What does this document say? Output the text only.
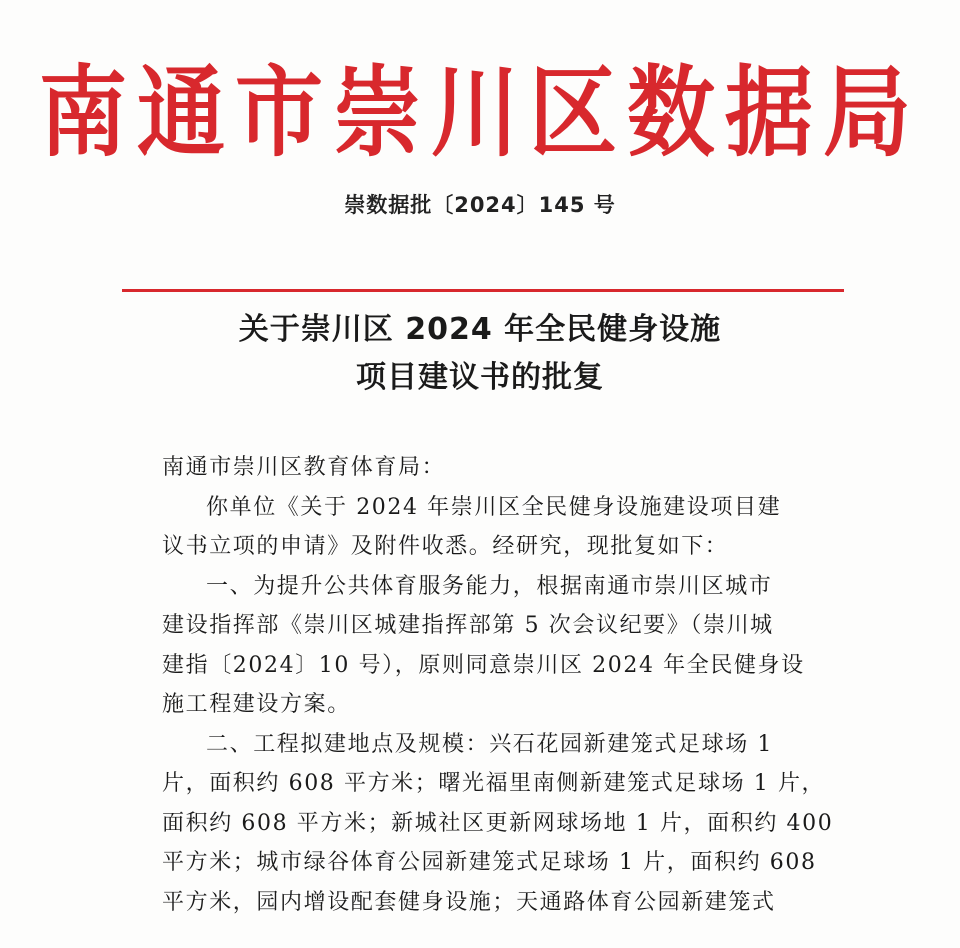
南通市崇川区数据局
崇数据批〔2024〕145 号
关于崇川区 2024 年全民健身设施
项目建议书的批复
南通市崇川区教育体育局：
你单位《关于 2024 年崇川区全民健身设施建设项目建
议书立项的申请》及附件收悉。经研究，现批复如下：
一、为提升公共体育服务能力，根据南通市崇川区城市
建设指挥部《崇川区城建指挥部第 5 次会议纪要》（崇川城
建指〔2024〕10 号），原则同意崇川区 2024 年全民健身设
施工程建设方案。
二、工程拟建地点及规模：兴石花园新建笼式足球场 1
片，面积约 608 平方米；曙光福里南侧新建笼式足球场 1 片，
面积约 608 平方米；新城社区更新网球场地 1 片，面积约 400
平方米；城市绿谷体育公园新建笼式足球场 1 片，面积约 608
平方米，园内增设配套健身设施；天通路体育公园新建笼式
